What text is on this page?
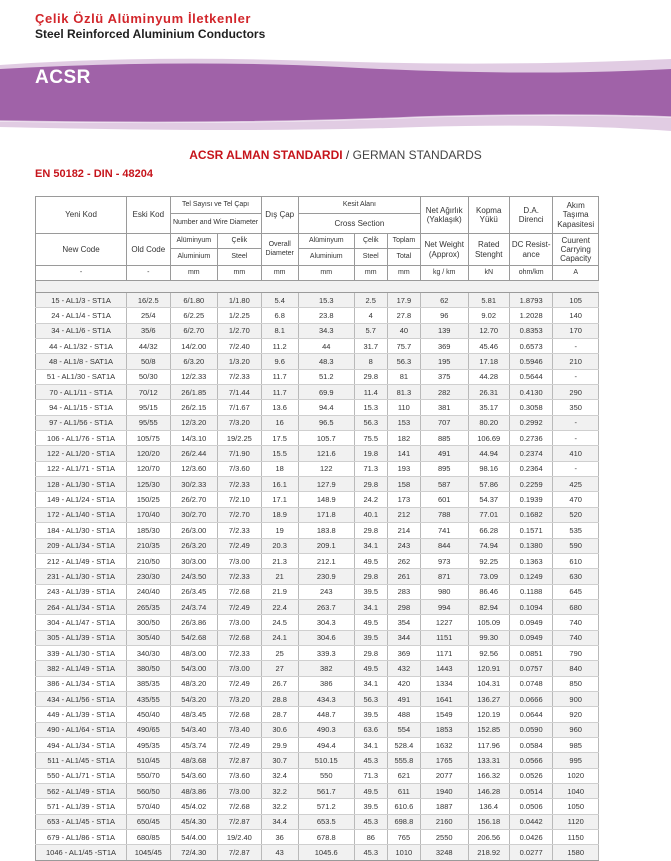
Çelik Özlü Alüminyum İletkenler
Steel Reinforced Aluminium Conductors
ACSR
ACSR ALMAN STANDARDI / GERMAN STANDARDS
EN 50182 - DIN - 48204
Yeni Kod	Eski Kod	Tel Sayısı ve Tel Çapı		Dış Çap	Kesit Alanı			Net Ağırlık (Yaklaşık)	Kopma Yükü	D.A. Direnci	Akım Taşıma Kapasitesi
		Number and Wire Diameter			Cross Section						

New Code	Old Code	Alüminyum	Çelik	Overall Diameter	Alüminyum	Çelik	Toplam	Net Weight (Approx)	Rated Stenght	DC Resist-ance	Cuurent Carrying Capacity
		Aluminium	Steel		Aluminium	Steel	Total				
-	-	mm	mm	mm	mm	mm	mm	kg / km	kN	ohm/km	A

15 - AL1/3 - ST1A	16/2.5	6/1.80	1/1.80	5.4	15.3	2.5	17.9	62	5.81	1.8793	105
24 - AL1/4 - ST1A	25/4	6/2.25	1/2.25	6.8	23.8	4	27.8	96	9.02	1.2028	140
34 - AL1/6 - ST1A	35/6	6/2.70	1/2.70	8.1	34.3	5.7	40	139	12.70	0.8353	170
44 - AL1/32 - ST1A	44/32	14/2.00	7/2.40	11.2	44	31.7	75.7	369	45.46	0.6573	-
48 - AL1/8 - SAT1A	50/8	6/3.20	1/3.20	9.6	48.3	8	56.3	195	17.18	0.5946	210
51 - AL1/30 - SAT1A	50/30	12/2.33	7/2.33	11.7	51.2	29.8	81	375	44.28	0.5644	-
70 - AL1/11 - ST1A	70/12	26/1.85	7/1.44	11.7	69.9	11.4	81.3	282	26.31	0.4130	290
94 - AL1/15 - ST1A	95/15	26/2.15	7/1.67	13.6	94.4	15.3	110	381	35.17	0.3058	350
97 - AL1/56 - ST1A	95/55	12/3.20	7/3.20	16	96.5	56.3	153	707	80.20	0.2992	-
106 - AL1/76 - ST1A	105/75	14/3.10	19/2.25	17.5	105.7	75.5	182	885	106.69	0.2736	-
122 - AL1/20 - ST1A	120/20	26/2.44	7/1.90	15.5	121.6	19.8	141	491	44.94	0.2374	410
122 - AL1/71 - ST1A	120/70	12/3.60	7/3.60	18	122	71.3	193	895	98.16	0.2364	-
128 - AL1/30 - ST1A	125/30	30/2.33	7/2.33	16.1	127.9	29.8	158	587	57.86	0.2259	425
149 - AL1/24 - ST1A	150/25	26/2.70	7/2.10	17.1	148.9	24.2	173	601	54.37	0.1939	470
172 - AL1/40 - ST1A	170/40	30/2.70	7/2.70	18.9	171.8	40.1	212	788	77.01	0.1682	520
184 - AL1/30 - ST1A	185/30	26/3.00	7/2.33	19	183.8	29.8	214	741	66.28	0.1571	535
209 - AL1/34 - ST1A	210/35	26/3.20	7/2.49	20.3	209.1	34.1	243	844	74.94	0.1380	590
212 - AL1/49 - ST1A	210/50	30/3.00	7/3.00	21.3	212.1	49.5	262	973	92.25	0.1363	610
231 - AL1/30 - ST1A	230/30	24/3.50	7/2.33	21	230.9	29.8	261	871	73.09	0.1249	630
243 - AL1/39 - ST1A	240/40	26/3.45	7/2.68	21.9	243	39.5	283	980	86.46	0.1188	645
264 - AL1/34 - ST1A	265/35	24/3.74	7/2.49	22.4	263.7	34.1	298	994	82.94	0.1094	680
304 - AL1/47 - ST1A	300/50	26/3.86	7/3.00	24.5	304.3	49.5	354	1227	105.09	0.0949	740
305 - AL1/39 - ST1A	305/40	54/2.68	7/2.68	24.1	304.6	39.5	344	1151	99.30	0.0949	740
339 - AL1/30 - ST1A	340/30	48/3.00	7/2.33	25	339.3	29.8	369	1171	92.56	0.0851	790
382 - AL1/49 - ST1A	380/50	54/3.00	7/3.00	27	382	49.5	432	1443	120.91	0.0757	840
386 - AL1/34 - ST1A	385/35	48/3.20	7/2.49	26.7	386	34.1	420	1334	104.31	0.0748	850
434 - AL1/56 - ST1A	435/55	54/3.20	7/3.20	28.8	434.3	56.3	491	1641	136.27	0.0666	900
449 - AL1/39 - ST1A	450/40	48/3.45	7/2.68	28.7	448.7	39.5	488	1549	120.19	0.0644	920
490 - AL1/64 - ST1A	490/65	54/3.40	7/3.40	30.6	490.3	63.6	554	1853	152.85	0.0590	960
494 - AL1/34 - ST1A	495/35	45/3.74	7/2.49	29.9	494.4	34.1	528.4	1632	117.96	0.0584	985
511 - AL1/45 - ST1A	510/45	48/3.68	7/2.87	30.7	510.15	45.3	555.8	1765	133.31	0.0566	995
550 - AL1/71 - ST1A	550/70	54/3.60	7/3.60	32.4	550	71.3	621	2077	166.32	0.0526	1020
562 - AL1/49 - ST1A	560/50	48/3.86	7/3.00	32.2	561.7	49.5	611	1940	146.28	0.0514	1040
571 - AL1/39 - ST1A	570/40	45/4.02	7/2.68	32.2	571.2	39.5	610.6	1887	136.4	0.0506	1050
653 - AL1/45 - ST1A	650/45	45/4.30	7/2.87	34.4	653.5	45.3	698.8	2160	156.18	0.0442	1120
679 - AL1/86 - ST1A	680/85	54/4.00	19/2.40	36	678.8	86	765	2550	206.56	0.0426	1150
1046 - AL1/45 -ST1A	1045/45	72/4.30	7/2.87	43	1045.6	45.3	1010	3248	218.92	0.0277	1580
